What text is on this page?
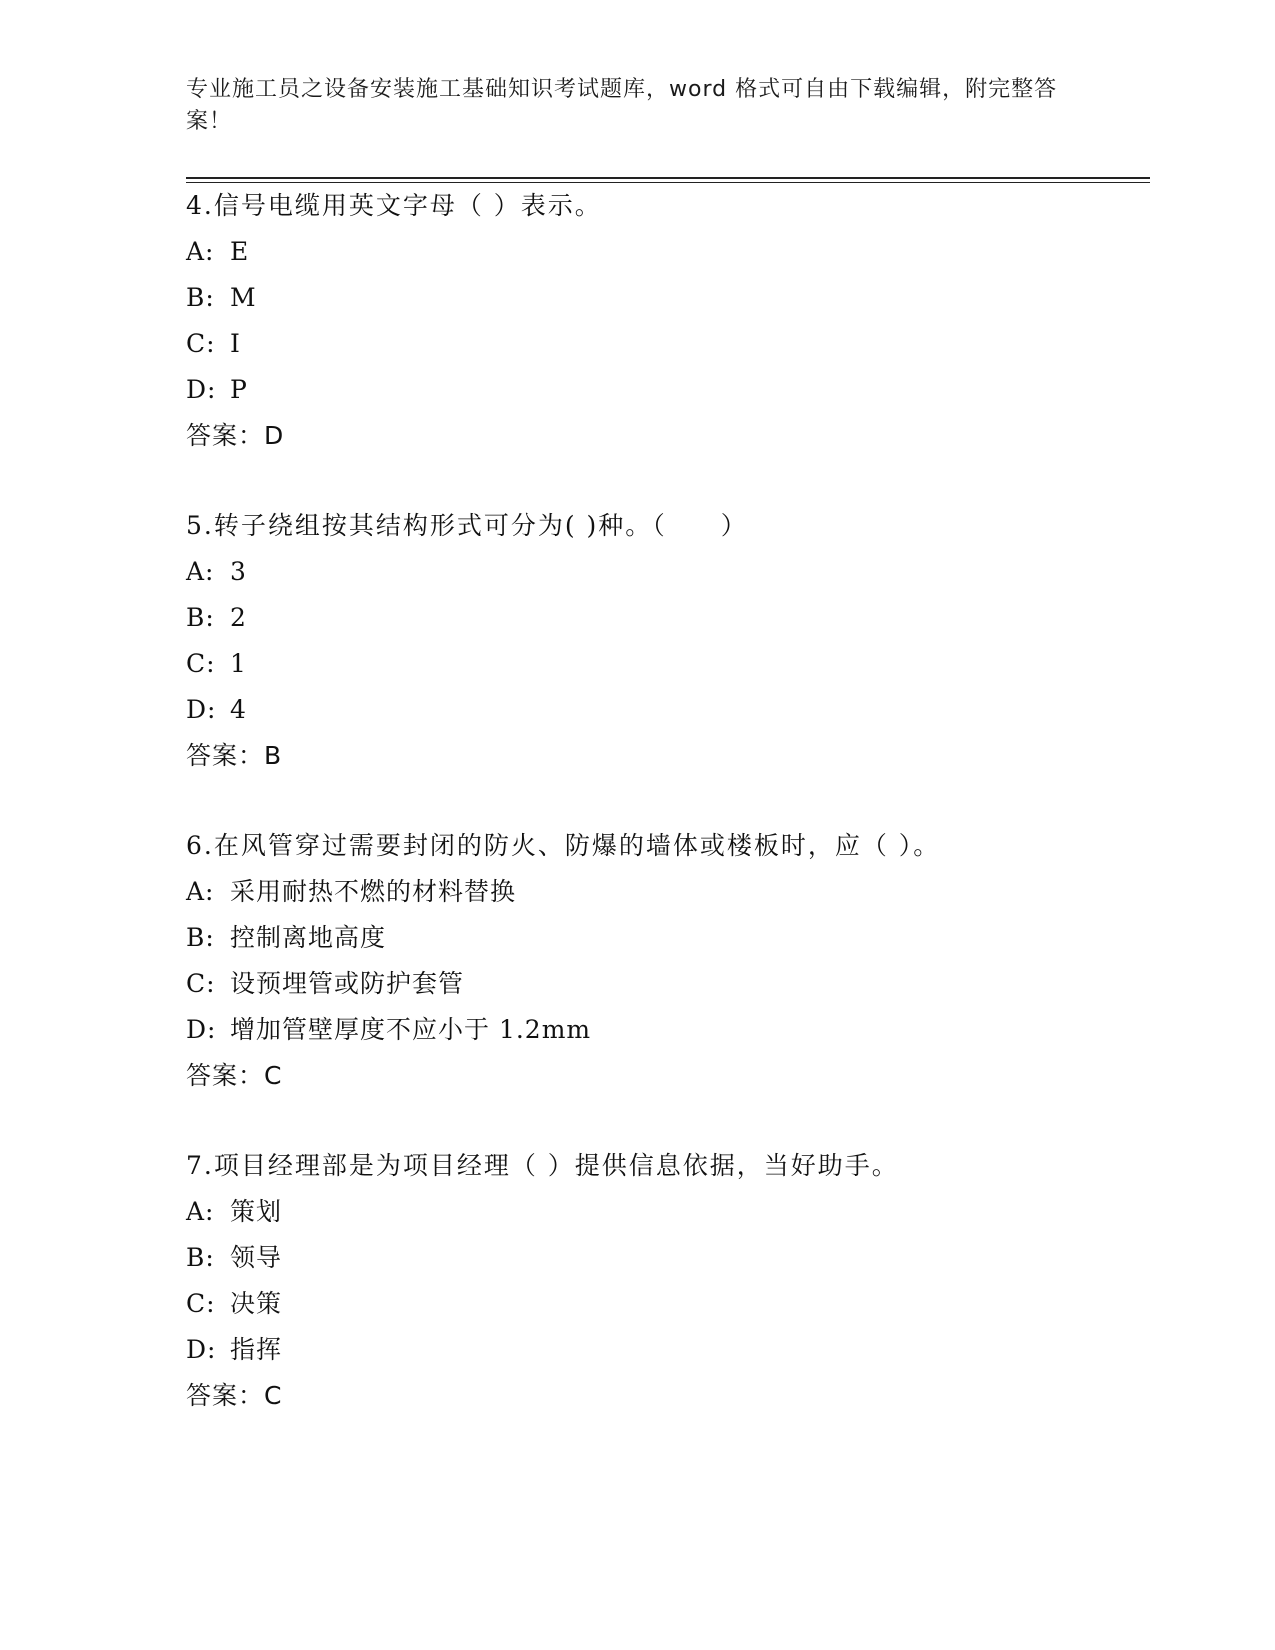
专业施工员之设备安装施工基础知识考试题库，word 格式可自由下载编辑，附完整答案！
4.信号电缆用英文字母（ ）表示。
A: E
B: M
C: I
D: P
答案：D
5.转子绕组按其结构形式可分为( )种。（　　）
A: 3
B: 2
C: 1
D: 4
答案：B
6.在风管穿过需要封闭的防火、防爆的墙体或楼板时，应（ ）。
A: 采用耐热不燃的材料替换
B: 控制离地高度
C: 设预埋管或防护套管
D: 增加管壁厚度不应小于 1.2mm
答案：C
7.项目经理部是为项目经理（ ）提供信息依据，当好助手。
A: 策划
B: 领导
C: 决策
D: 指挥
答案：C
